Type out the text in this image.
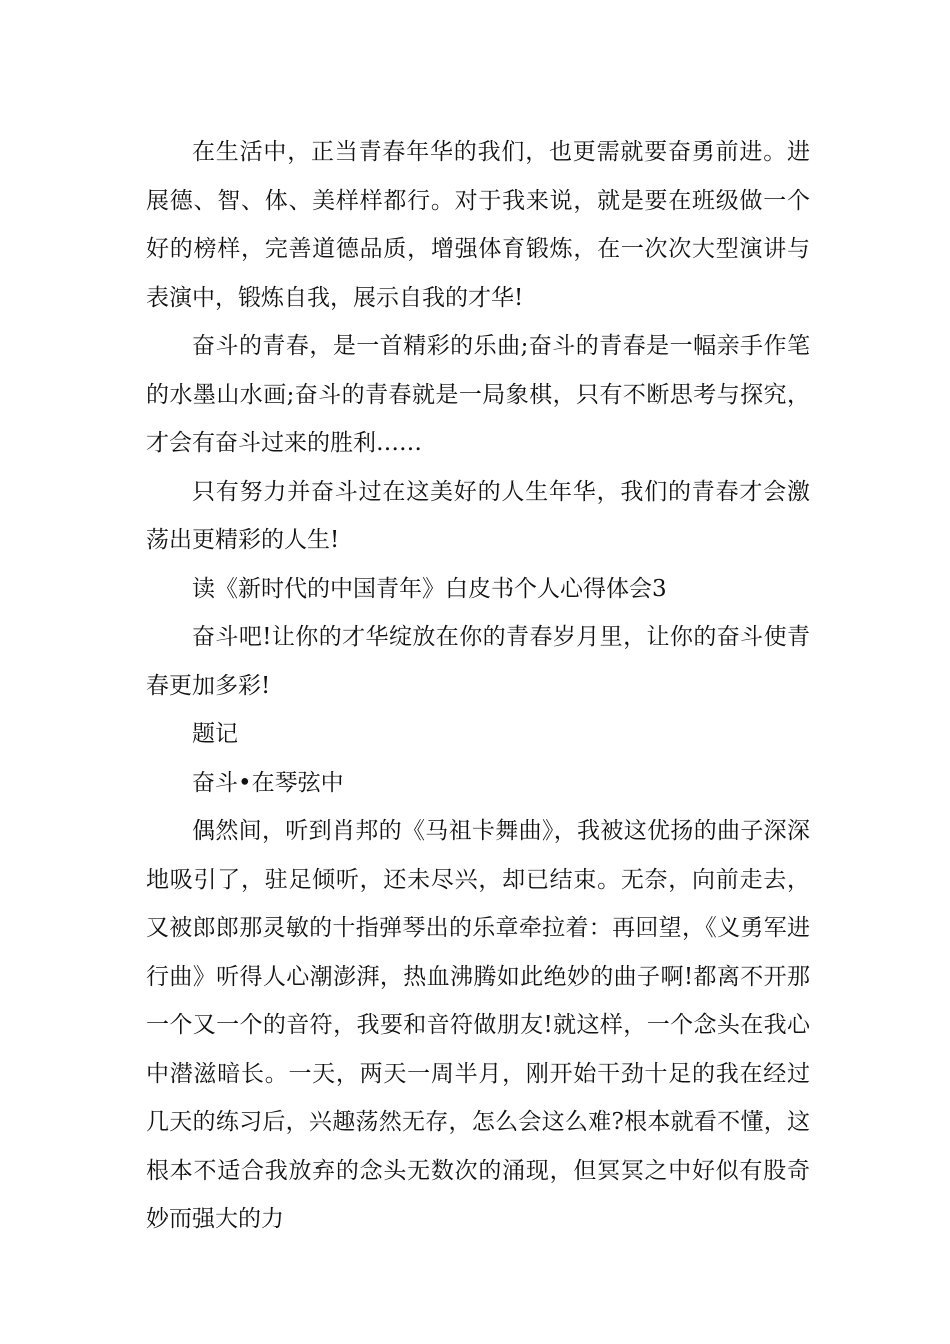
在生活中，正当青春年华的我们，也更需就要奋勇前进。进展德、智、体、美样样都行。对于我来说，就是要在班级做一个好的榜样，完善道德品质，增强体育锻炼，在一次次大型演讲与表演中，锻炼自我，展示自我的才华!

奋斗的青春，是一首精彩的乐曲;奋斗的青春是一幅亲手作笔的水墨山水画;奋斗的青春就是一局象棋，只有不断思考与探究，才会有奋斗过来的胜利……

只有努力并奋斗过在这美好的人生年华，我们的青春才会激荡出更精彩的人生!

读《新时代的中国青年》白皮书个人心得体会3

奋斗吧!让你的才华绽放在你的青春岁月里，让你的奋斗使青春更加多彩!

题记

奋斗•在琴弦中

偶然间，听到肖邦的《马祖卡舞曲》，我被这优扬的曲子深深地吸引了，驻足倾听，还未尽兴，却已结束。无奈，向前走去，又被郎郎那灵敏的十指弹琴出的乐章牵拉着：再回望，《义勇军进行曲》听得人心潮澎湃，热血沸腾如此绝妙的曲子啊!都离不开那一个又一个的音符，我要和音符做朋友!就这样，一个念头在我心中潜滋暗长。一天，两天一周半月，刚开始干劲十足的我在经过几天的练习后，兴趣荡然无存，怎么会这么难?根本就看不懂，这根本不适合我放弃的念头无数次的涌现，但冥冥之中好似有股奇妙而强大的力
